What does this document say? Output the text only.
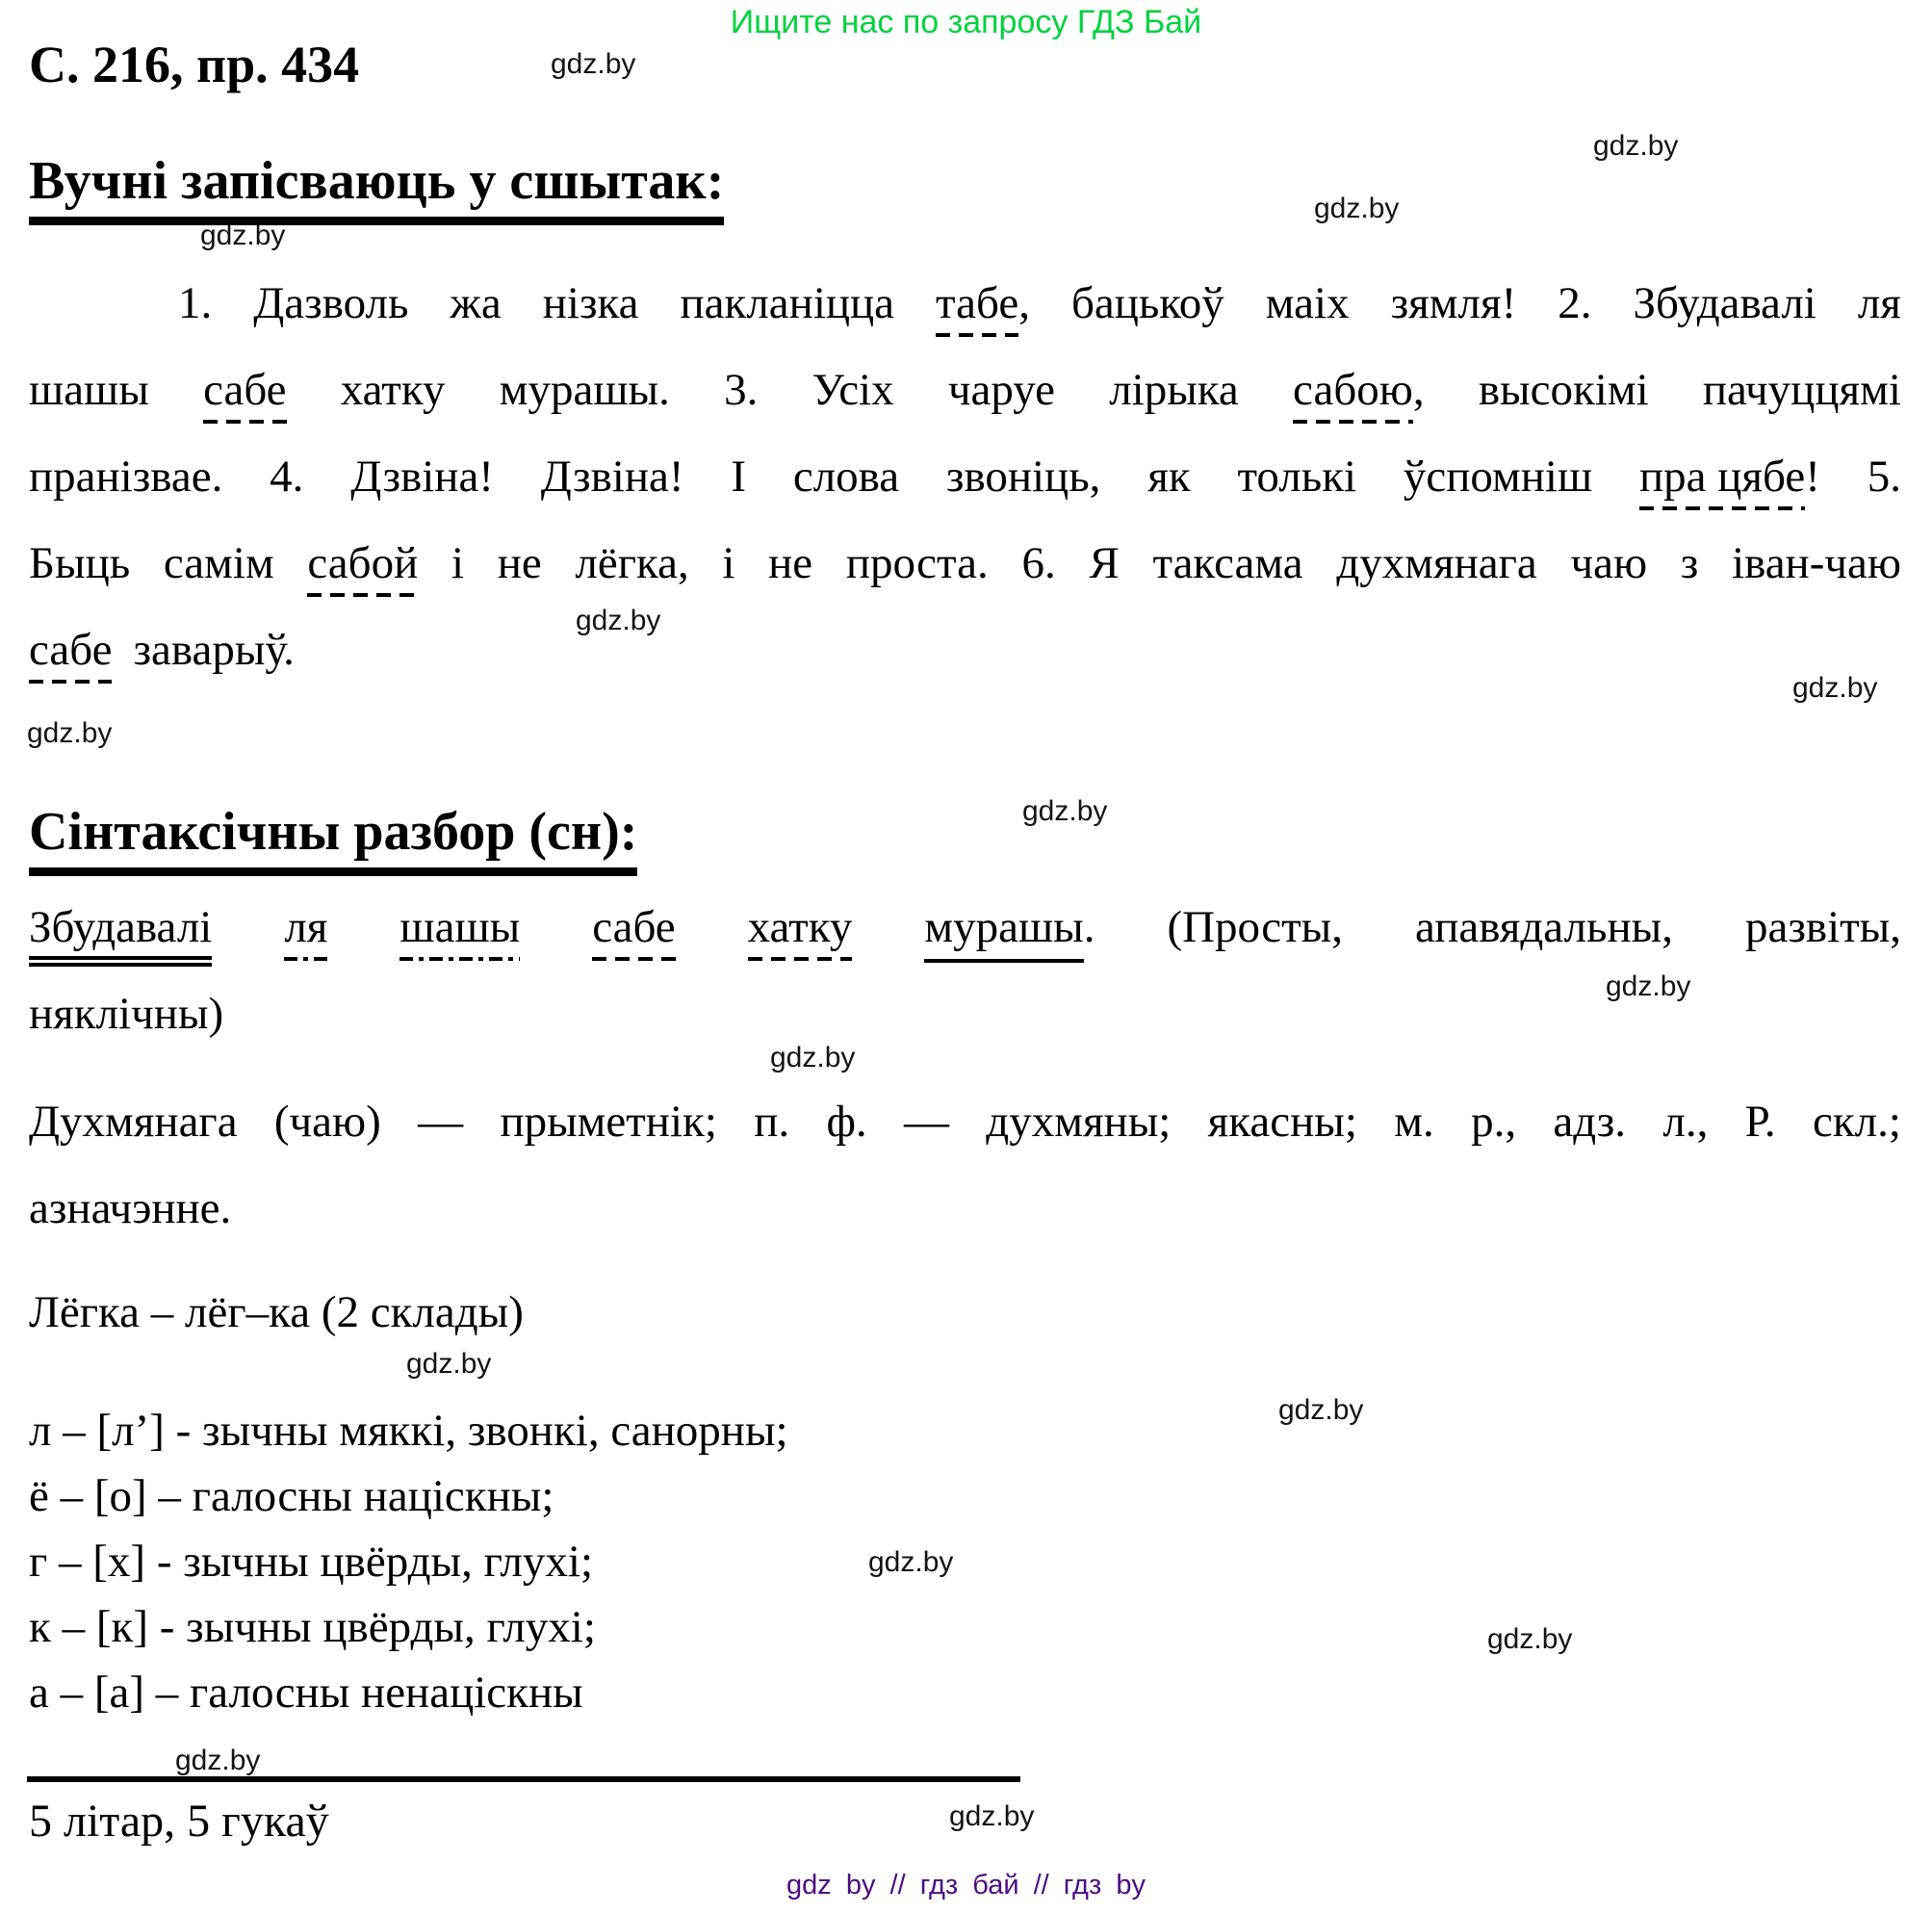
Ищите нас по запросу ГДЗ Бай
С. 216, пр. 434	gdz.by
gdz.by
gdz.by
gdz.by
gdz.by
gdz.by
gdz.by
gdz.by
gdz.by
gdz.by
gdz.by
gdz.by
gdz.by
gdz.by
gdz.by
gdz.by
Вучні запісваюць у сшытак:
1. Дазволь жа нізка пакланіцца табе, бацькоў маіх зямля! 2. Збудавалі ля
шашы сабе хатку мурашы. 3. Усіх чаруе лірыка сабою, высокімі пачуццямі
пранізвае. 4. Дзвіна! Дзвіна! І слова звоніць, як толькі ўспомніш пра цябе! 5.
Быць самім сабой і не лёгка, і не проста. 6. Я таксама духмянага чаю з іван-чаю
сабе заварыў.
Сінтаксічны разбор (сн):
Збудавалі ля шашы сабе хатку мурашы. (Просты, апавядальны, развіты,
няклічны)
Духмянага (чаю) — прыметнік; п. ф. — духмяны; якасны; м. р., адз. л., Р. скл.;
азначэнне.
Лёгка – лёг–ка (2 склады)
л – [л’] - зычны мяккі, звонкі, санорны;
ё – [о] – галосны націскны;
г – [х] - зычны цвёрды, глухі;
к – [к] - зычны цвёрды, глухі;
а – [а] – галосны ненаціскны
5 літар, 5 гукаў
gdz by // гдз бай // гдз by
